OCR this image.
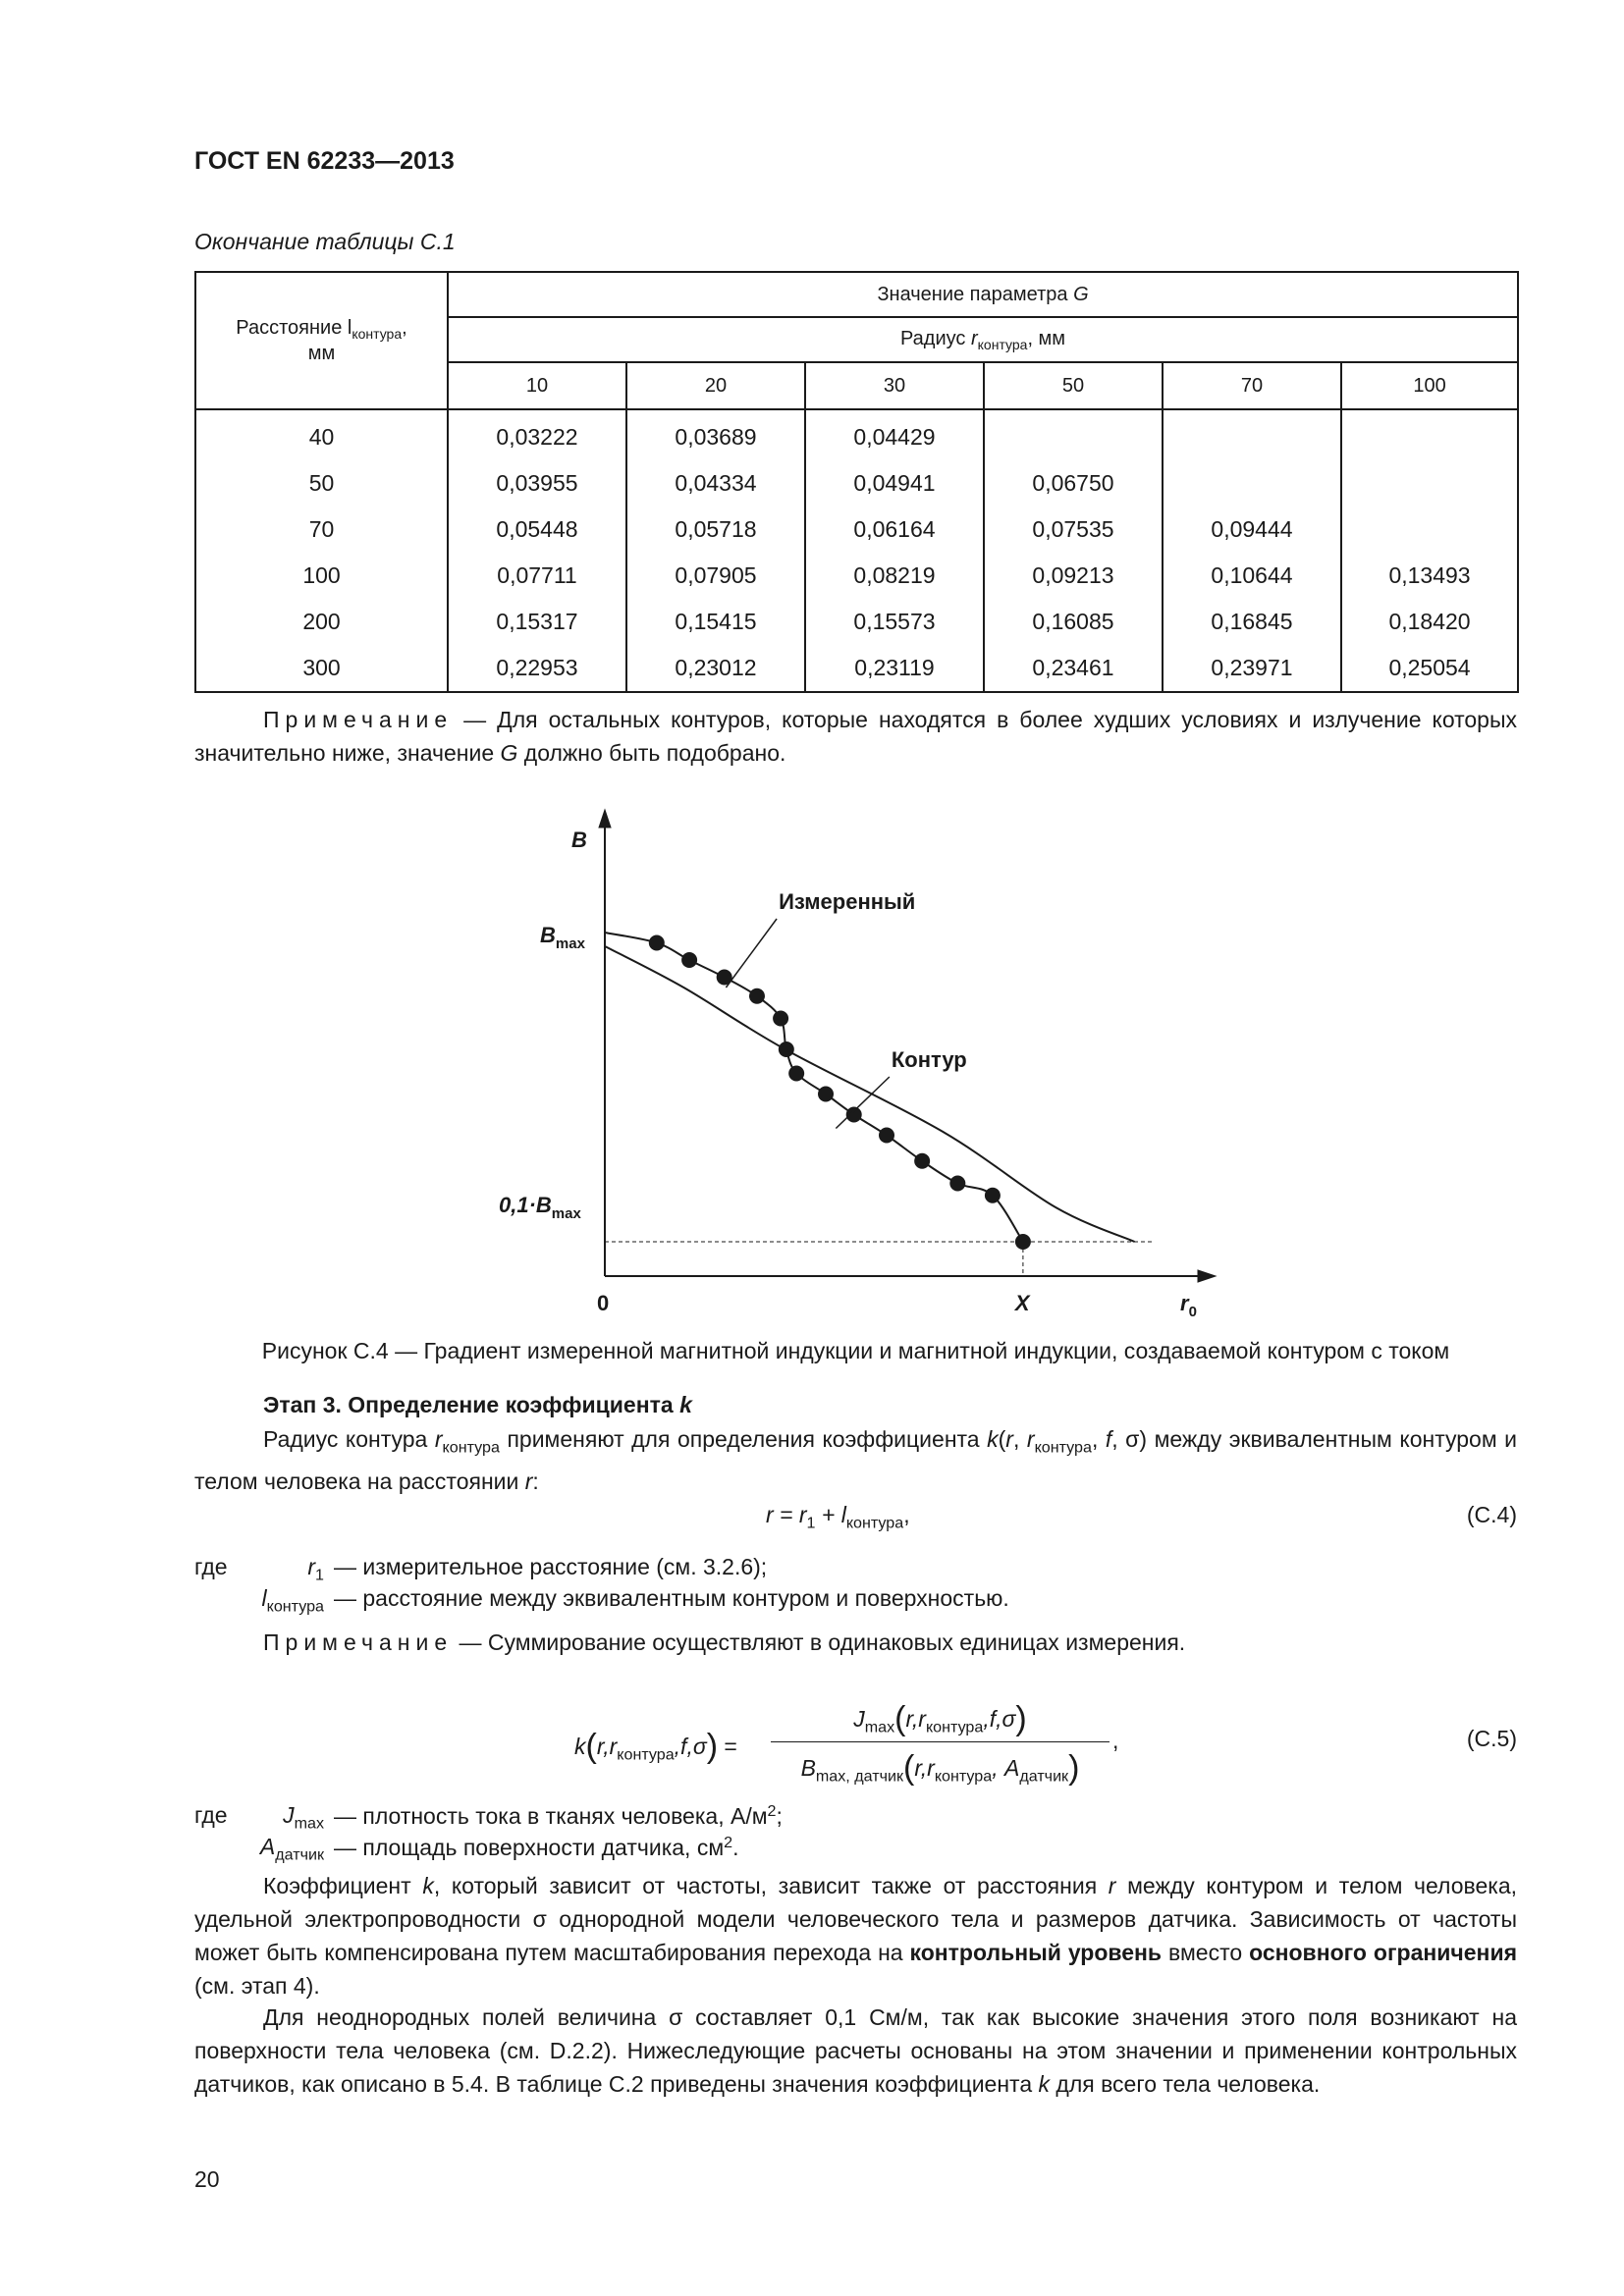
ГОСТ EN 62233—2013
Окончание таблицы С.1
Расстояние $l_{контура}$,
мм	Значение параметра G					
	Радиус $r_{контура}$, мм					
	10	20	30	50	70	100
40	0,03222	0,03689	0,04429			
50	0,03955	0,04334	0,04941	0,06750		
70	0,05448	0,05718	0,06164	0,07535	0,09444	
100	0,07711	0,07905	0,08219	0,09213	0,10644	0,13493
200	0,15317	0,15415	0,15573	0,16085	0,16845	0,18420
300	0,22953	0,23012	0,23119	0,23461	0,23971	0,25054
Примечание — Для остальных контуров, которые находятся в более худших условиях и излучение которых значительно ниже, значение G должно быть подобрано.
B
$B_{max}$
$0,1\cdot B_{max}$
0	X	$r_0$
Измеренный
Контур
Рисунок С.4 — Градиент измеренной магнитной индукции и магнитной индукции, создаваемой контуром с током
Этап 3. Определение коэффициента k
Радиус контура $r_{контура}$ применяют для определения коэффициента k(r, $r_{контура}$, f, σ) между эквивалентным контуром и телом человека на расстоянии r:
$r = r_1 + l_{контура}$,	(С.4)
где	$r_1$ — измерительное расстояние (см. 3.2.6);
$l_{контура}$ — расстояние между эквивалентным контуром и поверхностью.
Примечание — Суммирование осуществляют в одинаковых единицах измерения.
$k(r,r_{контура},f,\sigma)$ =
$J_{max}(r,r_{контура},f,\sigma)$
$B_{max, датчик}(r,r_{контура}$, $A_{датчик}$)
,	(С.5)
где	$J_{max}$ — плотность тока в тканях человека, $А/м^2$;
$A_{датчик}$ — площадь поверхности датчика, $см^2$.
Коэффициент k, который зависит от частоты, зависит также от расстояния r между контуром и телом человека, удельной электропроводности σ однородной модели человеческого тела и размеров датчика. Зависимость от частоты может быть компенсирована путем масштабирования перехода на контрольный уровень вместо основного ограничения (см. этап 4).
Для неоднородных полей величина σ составляет 0,1 См/м, так как высокие значения этого поля возникают на поверхности тела человека (см. D.2.2). Нижеследующие расчеты основаны на этом значении и применении контрольных датчиков, как описано в 5.4. В таблице С.2 приведены значения коэффициента k для всего тела человека.
20
